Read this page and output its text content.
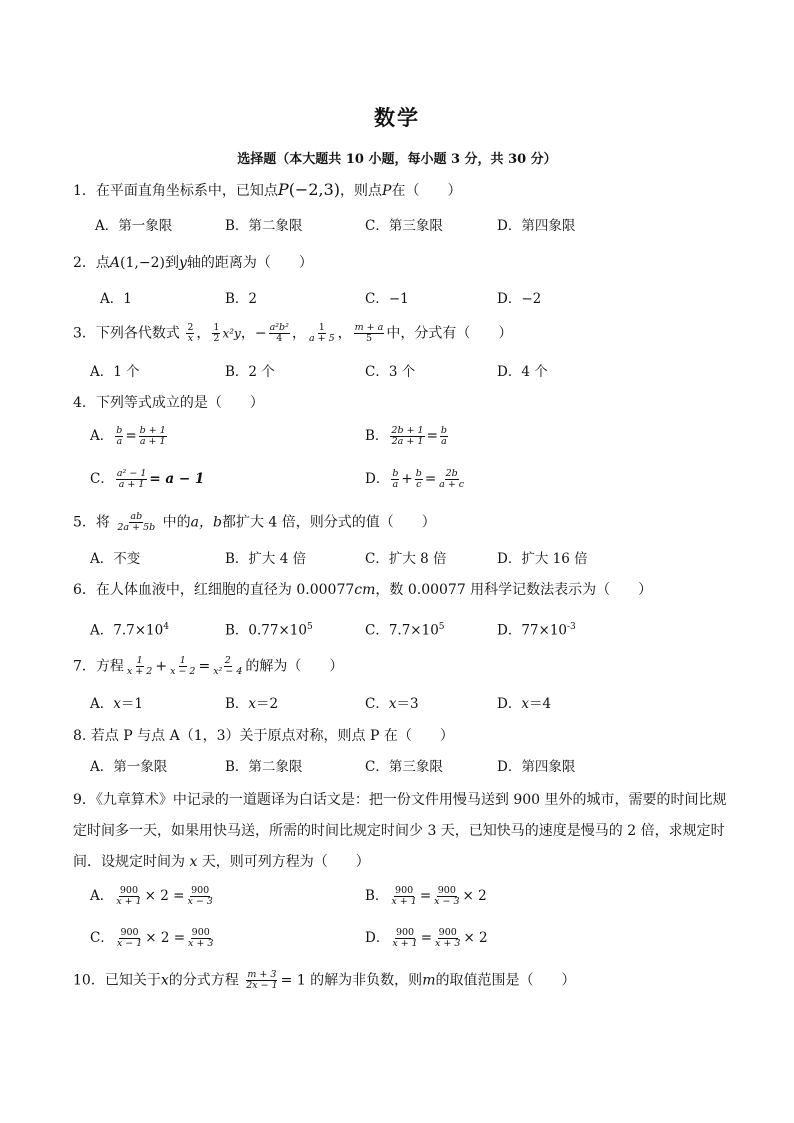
数学
选择题（本大题共 10 小题，每小题 3 分，共 30 分）
1．在平面直角坐标系中，已知点P(−2,3)，则点P在（　　）
A．第一象限	B．第二象限	C．第三象限	D．第四象限
2．点A(1,−2)到y轴的距离为（　　）
A．1	B．2	C．−1	D．−2
3．下列各代数式 $\frac{2}{x}$ ， $\frac{1}{2} x^2y$，− $\frac{\text{a²b²}}{4}$ ， $\frac{1}{a + 5}$ ， $\frac{m + a}{5}$ 中，分式有（　　）
A．1 个	B．2 个	C．3 个	D．4 个
4．下列等式成立的是（　　）
A． $\frac{b}{a} = \frac{b + 1}{a + 1}$	B． $\frac{2b + 1}{2a + 1} = \frac{b}{a}$
C． $\frac{\text{a² − 1}}{a + 1} = a - 1$	D． $\frac{b}{a} + \frac{b}{c} = \frac{2b}{a + c}$
5．将 $\frac{ab}{2a + 5b}$ 中的a，b都扩大 4 倍，则分式的值（　　）
A．不变	B．扩大 4 倍	C．扩大 8 倍	D．扩大 16 倍
6．在人体血液中，红细胞的直径为 0.00077cm，数 0.00077 用科学记数法表示为（　　）
A．$7.7\times 10^4$	B．$0.77\times 10^5$	C．$7.7\times 10^5$	D．$77\times 10^{-3}$
7．方程 $\frac{1}{x + 2} + \frac{1}{x - 2} = \frac{2}{\text{x² − 4}}$ 的解为（　　）
A．x＝1	B．x＝2	C．x＝3	D．x＝4
8. 若点 P 与点 A（1，3）关于原点对称，则点 P 在（　　）
A．第一象限	B．第二象限	C．第三象限	D．第四象限
9．《九章算术》中记录的一道题译为白话文是：把一份文件用慢马送到 900 里外的城市，需要的时间比规定时间多一天，如果用快马送，所需的时间比规定时间少 3 天，已知快马的速度是慢马的 2 倍，求规定时间．设规定时间为 x 天，则可列方程为（　　）
A． $\frac{900}{x + 1} \times 2 = \frac{900}{x - 3}$	B． $\frac{900}{x + 1} = \frac{900}{x - 3} \times 2$
C． $\frac{900}{x - 1} \times 2 = \frac{900}{x + 3}$	D． $\frac{900}{x + 1} = \frac{900}{x + 3} \times 2$
10．已知关于x的分式方程 $\frac{m + 3}{2x - 1} = 1$ 的解为非负数，则m的取值范围是（　　）
